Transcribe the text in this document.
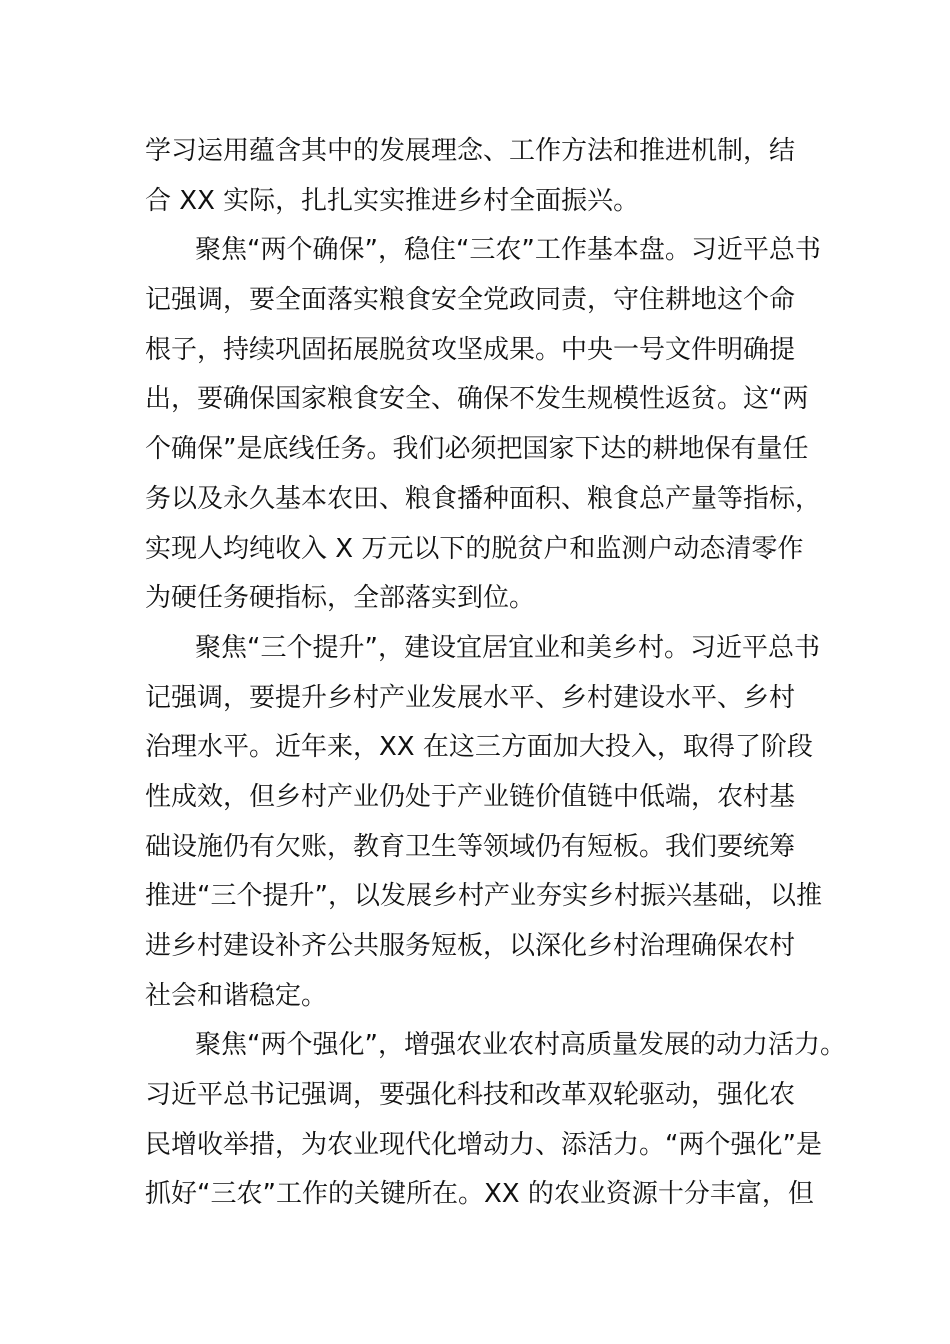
学习运用蕴含其中的发展理念、工作方法和推进机制，结
合 XX 实际，扎扎实实推进乡村全面振兴。
聚焦“两个确保”，稳住“三农”工作基本盘。习近平总书
记强调，要全面落实粮食安全党政同责，守住耕地这个命
根子，持续巩固拓展脱贫攻坚成果。中央一号文件明确提
出，要确保国家粮食安全、确保不发生规模性返贫。这“两
个确保”是底线任务。我们必须把国家下达的耕地保有量任
务以及永久基本农田、粮食播种面积、粮食总产量等指标，
实现人均纯收入 X 万元以下的脱贫户和监测户动态清零作
为硬任务硬指标，全部落实到位。
聚焦“三个提升”，建设宜居宜业和美乡村。习近平总书
记强调，要提升乡村产业发展水平、乡村建设水平、乡村
治理水平。近年来，XX 在这三方面加大投入，取得了阶段
性成效，但乡村产业仍处于产业链价值链中低端，农村基
础设施仍有欠账，教育卫生等领域仍有短板。我们要统筹
推进“三个提升”，以发展乡村产业夯实乡村振兴基础，以推
进乡村建设补齐公共服务短板，以深化乡村治理确保农村
社会和谐稳定。
聚焦“两个强化”，增强农业农村高质量发展的动力活力。
习近平总书记强调，要强化科技和改革双轮驱动，强化农
民增收举措，为农业现代化增动力、添活力。“两个强化”是
抓好“三农”工作的关键所在。XX 的农业资源十分丰富，但
